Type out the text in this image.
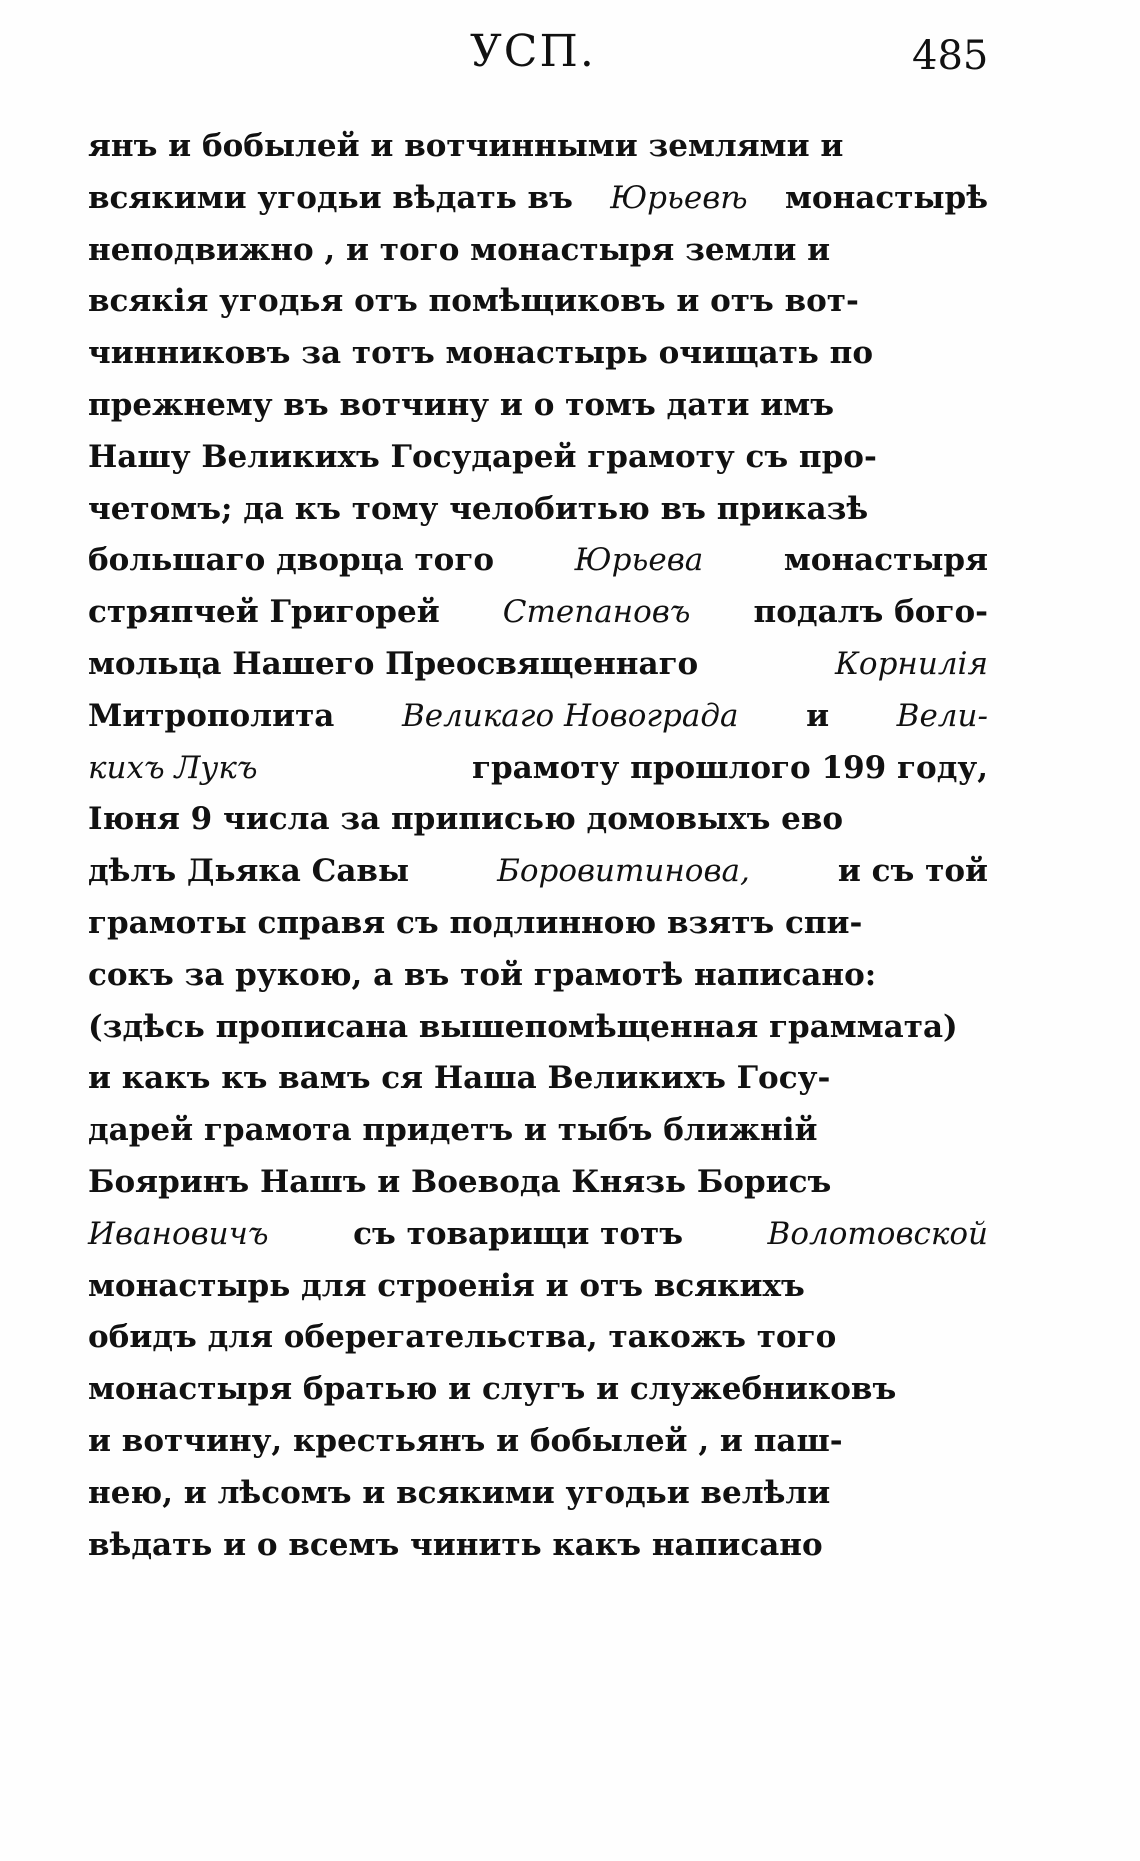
УСП.	485
янъ и бобылей и вотчинными землями и
всякими угодьи вѣдать въ Юрьевѣ монастырѣ
неподвижно , и того монастыря земли и
всякія угодья отъ помѣщиковъ и отъ вот-
чинниковъ за тотъ монастырь очищать по
прежнему въ вотчину и о томъ дати имъ
Нашу Великихъ Государей грамоту съ про-
четомъ; да къ тому челобитью въ приказѣ
большаго дворца того	Юрьева	монастыря
стряпчей Григорей Степановъ подалъ бого-
мольца Нашего Преосвященнаго	Корнилія
Митрополита Великаго Новограда и Вели-
кихъ Лукъ	грамоту прошлого 199 году,
Іюня 9 числа за приписью домовыхъ ево
дѣлъ Дьяка Савы	Боровитинова,	и съ той
грамоты справя съ подлинною взятъ спи-
сокъ за рукою, а въ той грамотѣ написано:
(здѣсь прописана вышепомѣщенная граммата)
и какъ къ вамъ ся Наша Великихъ Госу-
дарей грамота придетъ и тыбъ ближній
Бояринъ Нашъ и Воевода Князь Борисъ
Ивановичъ	съ товарищи тотъ	Волотовской
монастырь для строенія и отъ всякихъ
обидъ для оберегательства, такожъ того
монастыря братью и слугъ и служебниковъ
и вотчину, крестьянъ и бобылей , и паш-
нею, и лѣсомъ и всякими угодьи велѣли
вѣдать и о всемъ чинить какъ написано
